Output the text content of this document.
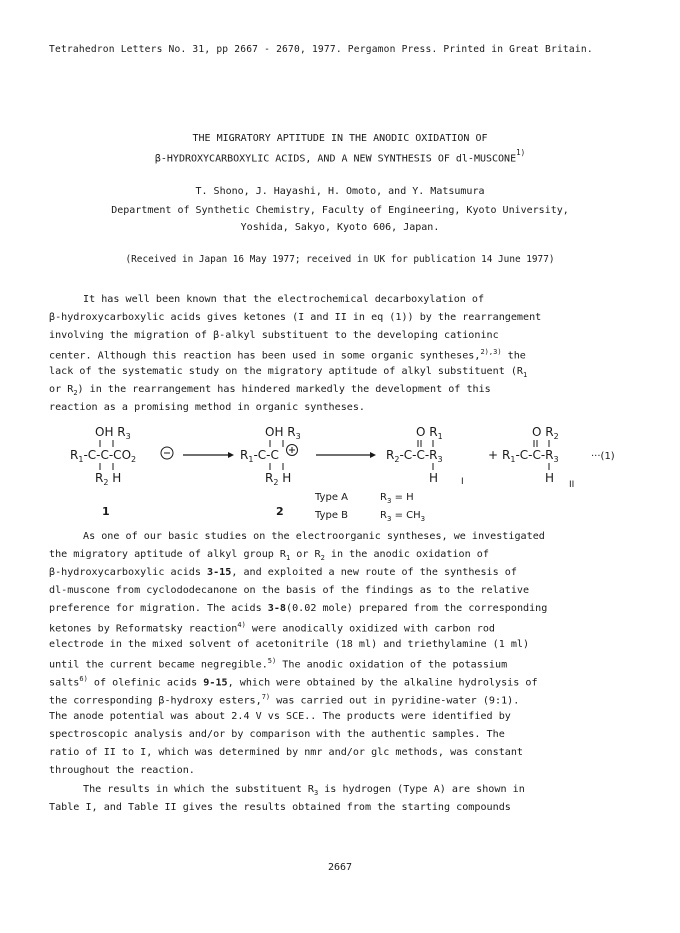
Tetrahedron Letters No. 31, pp 2667 - 2670, 1977. Pergamon Press. Printed in Great Britain.
THE MIGRATORY APTITUDE IN THE ANODIC OXIDATION OF
β-HYDROXYCARBOXYLIC ACIDS, AND A NEW SYNTHESIS OF dl-MUSCONE$^{1)}$
T. Shono, J. Hayashi, H. Omoto, and Y. Matsumura
Department of Synthetic Chemistry, Faculty of Engineering, Kyoto University,
Yoshida, Sakyo, Kyoto 606, Japan.
(Received in Japan 16 May 1977; received in UK for publication 14 June 1977)
It has well been known that the electrochemical decarboxylation of
β-hydroxycarboxylic acids gives ketones (I and II in eq (1)) by the rearrangement
involving the migration of β-alkyl substituent to the developing cationinc
center. Although this reaction has been used in some organic syntheses,$^{2),3)}$ the
lack of the systematic study on the migratory aptitude of alkyl substituent ($R_1$
or $R_2$) in the rearrangement has hindered markedly the development of this
reaction as a promising method in organic syntheses.
OH $R_3$
$R_1-C-C-CO_2$
$R_2$ H
1
OH $R_3$
$R_1-C-C$
$R_2$ H
2
O $R_1$
$R_2-C-C-R_3$
H	I
+
O $R_2$
$R_1-C-C-R_3$	···(1)
H II
Type A	$R_3 = H$
Type B	$R_3 = CH_3$
As one of our basic studies on the electroorganic syntheses, we investigated
the migratory aptitude of alkyl group $R_1$ or $R_2$ in the anodic oxidation of
β-hydroxycarboxylic acids 3-15, and exploited a new route of the synthesis of
dl-muscone from cyclododecanone on the basis of the findings as to the relative
preference for migration. The acids 3-8(0.02 mole) prepared from the corresponding
ketones by Reformatsky reaction$^{4)}$ were anodically oxidized with carbon rod
electrode in the mixed solvent of acetonitrile (18 ml) and triethylamine (1 ml)
until the current became negregible.$^{5)}$ The anodic oxidation of the potassium
salts$^{6)}$ of olefinic acids 9-15, which were obtained by the alkaline hydrolysis of
the corresponding β-hydroxy esters,$^{7)}$ was carried out in pyridine-water (9:1).
The anode potential was about 2.4 V vs SCE.. The products were identified by
spectroscopic analysis and/or by comparison with the authentic samples. The
ratio of II to I, which was determined by nmr and/or glc methods, was constant
throughout the reaction.
The results in which the substituent $R_3$ is hydrogen (Type A) are shown in
Table I, and Table II gives the results obtained from the starting compounds
2667
